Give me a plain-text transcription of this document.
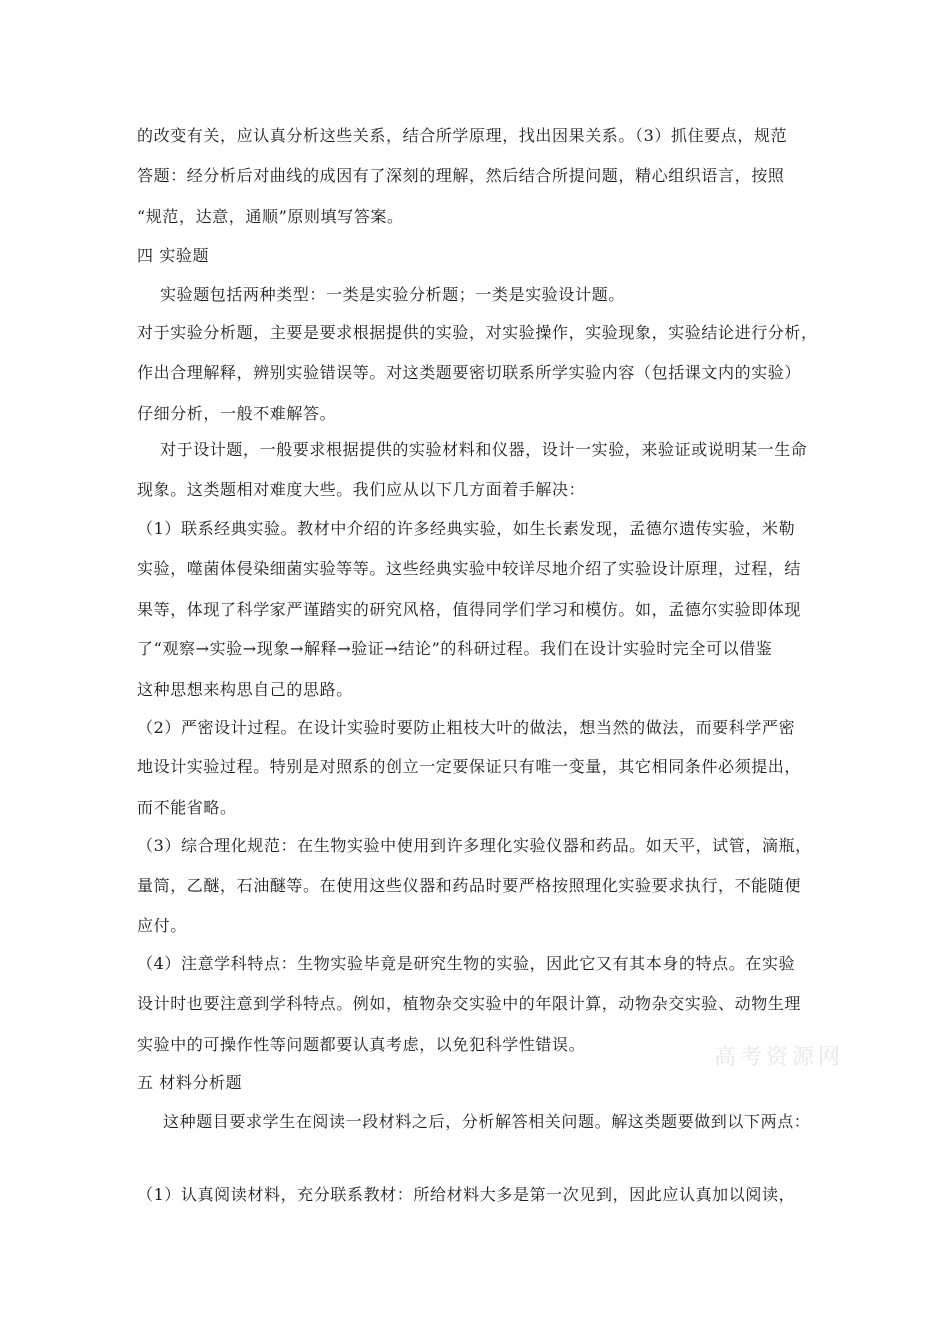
的改变有关，应认真分析这些关系，结合所学原理，找出因果关系。（3）抓住要点，规范
答题：经分析后对曲线的成因有了深刻的理解，然后结合所提问题，精心组织语言，按照
“规范，达意，通顺”原则填写答案。
四 实验题
实验题包括两种类型：一类是实验分析题；一类是实验设计题。
对于实验分析题，主要是要求根据提供的实验，对实验操作，实验现象，实验结论进行分析，
作出合理解释，辨别实验错误等。对这类题要密切联系所学实验内容（包括课文内的实验）
仔细分析，一般不难解答。
对于设计题，一般要求根据提供的实验材料和仪器，设计一实验，来验证或说明某一生命
现象。这类题相对难度大些。我们应从以下几方面着手解决：
（1）联系经典实验。教材中介绍的许多经典实验，如生长素发现，孟德尔遗传实验，米勒
实验，噬菌体侵染细菌实验等等。这些经典实验中较详尽地介绍了实验设计原理，过程，结
果等，体现了科学家严谨踏实的研究风格，值得同学们学习和模仿。如，孟德尔实验即体现
了“观察→实验→现象→解释→验证→结论”的科研过程。我们在设计实验时完全可以借鉴
这种思想来构思自己的思路。
（2）严密设计过程。在设计实验时要防止粗枝大叶的做法，想当然的做法，而要科学严密
地设计实验过程。特别是对照系的创立一定要保证只有唯一变量，其它相同条件必须提出，
而不能省略。
（3）综合理化规范：在生物实验中使用到许多理化实验仪器和药品。如天平，试管，滴瓶，
量筒，乙醚，石油醚等。在使用这些仪器和药品时要严格按照理化实验要求执行，不能随便
应付。
（4）注意学科特点：生物实验毕竟是研究生物的实验，因此它又有其本身的特点。在实验
设计时也要注意到学科特点。例如，植物杂交实验中的年限计算，动物杂交实验、动物生理
实验中的可操作性等问题都要认真考虑，以免犯科学性错误。
五 材料分析题
这种题目要求学生在阅读一段材料之后，分析解答相关问题。解这类题要做到以下两点：
（1）认真阅读材料，充分联系教材：所给材料大多是第一次见到，因此应认真加以阅读，
高考资源网
